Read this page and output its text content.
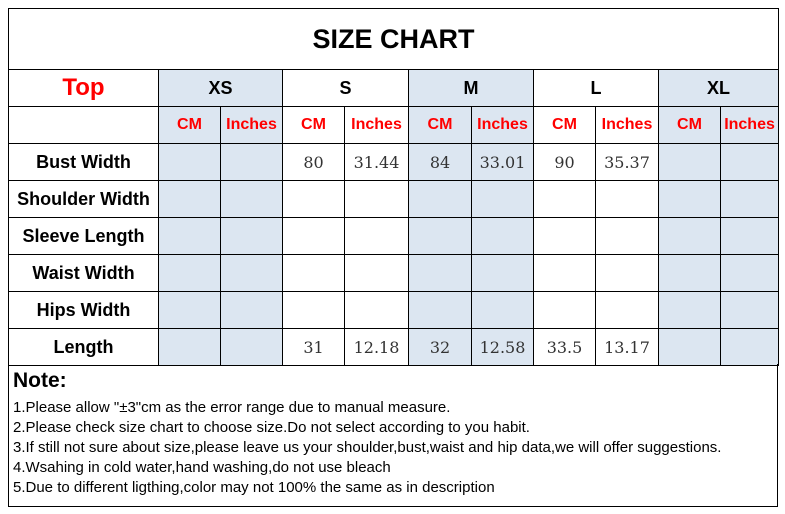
SIZE CHART										
Top	XS		S		M		L		XL	
	CM	Inches	CM	Inches	CM	Inches	CM	Inches	CM	Inches
Bust Width			80	31.44	84	33.01	90	35.37		
Shoulder Width										
Sleeve Length										
Waist Width										
Hips Width										
Length			31	12.18	32	12.58	33.5	13.17		
Note:
1.Please allow "±3"cm as the error range due to manual measure.
2.Please check size chart to choose size.Do not select according to you habit.
3.If still not sure about size,please leave us your shoulder,bust,waist and hip data,we will offer suggestions.
4.Wsahing in cold water,hand washing,do not use bleach
5.Due to different ligthing,color may not 100% the same as in description
